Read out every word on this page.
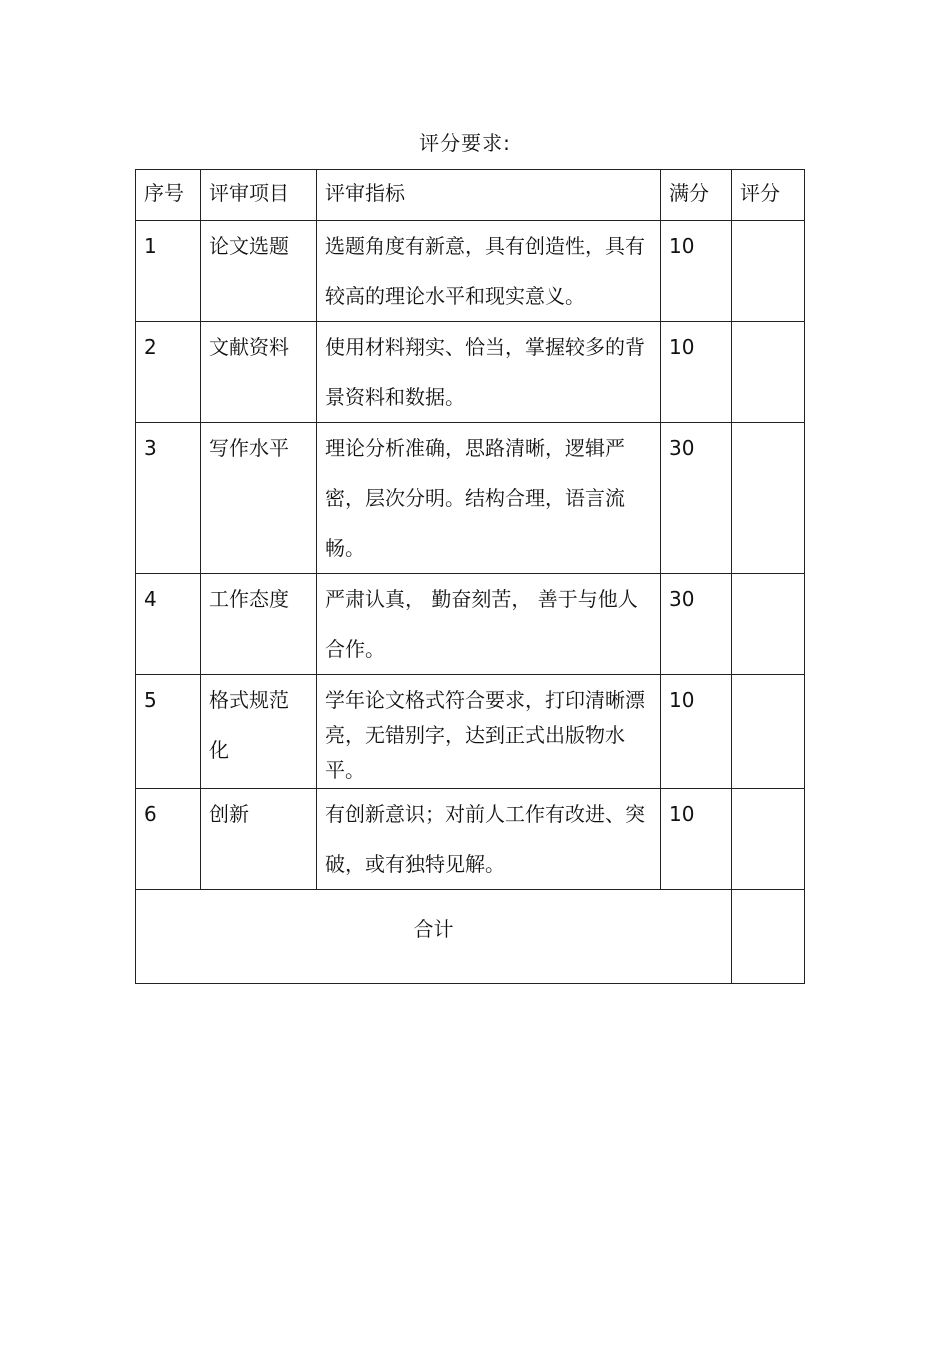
评分要求:
序号	评审项目	评审指标	满分	评分
1	论文选题	选题角度有新意，具有创造性，具有较高的理论水平和现实意义。	10	
2	文献资料	使用材料翔实、恰当，掌握较多的背景资料和数据。	10	
3	写作水平	理论分析准确，思路清晰，逻辑严密，层次分明。结构合理，语言流畅。	30	
4	工作态度	严肃认真， 勤奋刻苦， 善于与他人合作。	30	
5	格式规范化	学年论文格式符合要求，打印清晰漂亮，无错别字，达到正式出版物水平。	10	
6	创新	有创新意识；对前人工作有改进、突破，或有独特见解。	10	
合计				
